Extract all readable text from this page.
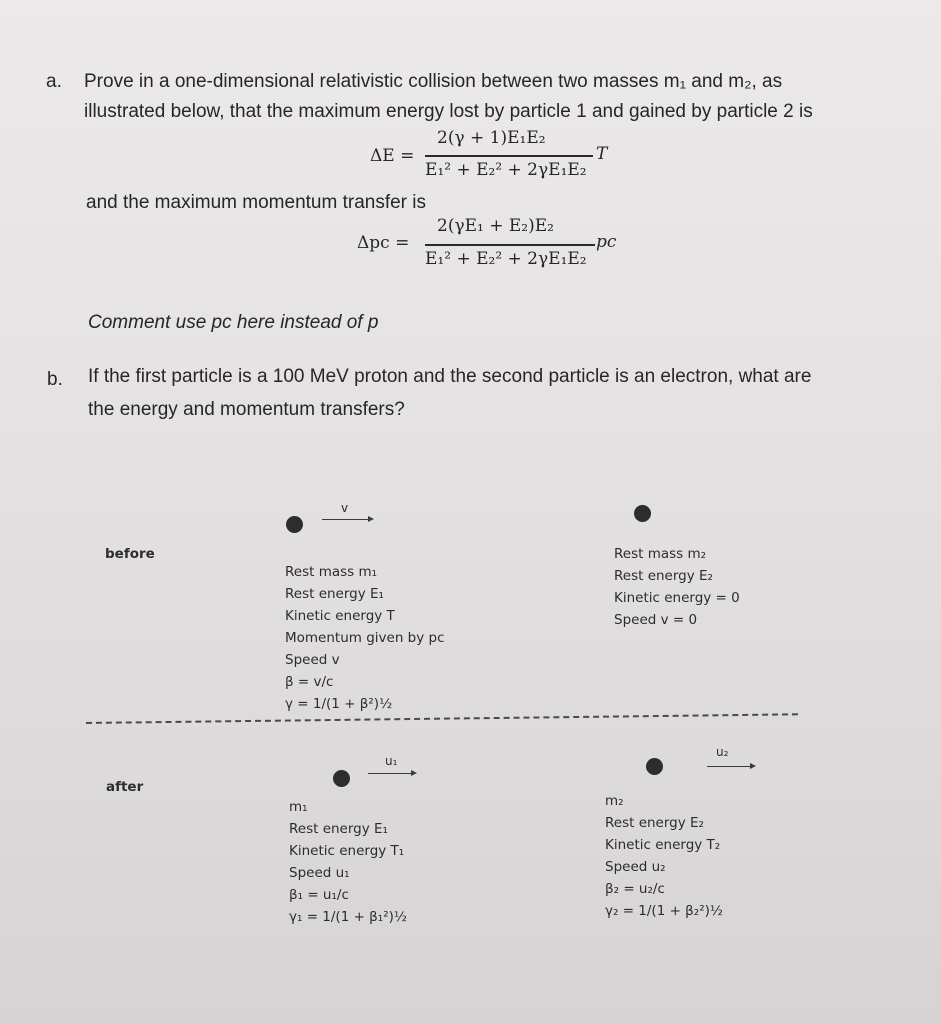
a. Prove in a one-dimensional relativistic collision between two masses m₁ and m₂, as
illustrated below, that the maximum energy lost by particle 1 and gained by particle 2 is
ΔE =
2(γ + 1)E₁E₂
E₁² + E₂² + 2γE₁E₂
T
and the maximum momentum transfer is
Δpc =
2(γE₁ + E₂)E₂
E₁² + E₂² + 2γE₁E₂
pc
Comment use pc here instead of p
b. If the first particle is a 100 MeV proton and the second particle is an electron, what are
the energy and momentum transfers?
before
v
Rest mass m₁
Rest energy E₁
Kinetic energy T
Momentum given by pc
Speed v
β = v/c
γ = 1/(1 + β²)½
Rest mass m₂
Rest energy E₂
Kinetic energy = 0
Speed v = 0
after
u₁
u₂
m₁
Rest energy E₁
Kinetic energy T₁
Speed u₁
β₁ = u₁/c
γ₁ = 1/(1 + β₁²)½
m₂
Rest energy E₂
Kinetic energy T₂
Speed u₂
β₂ = u₂/c
γ₂ = 1/(1 + β₂²)½
